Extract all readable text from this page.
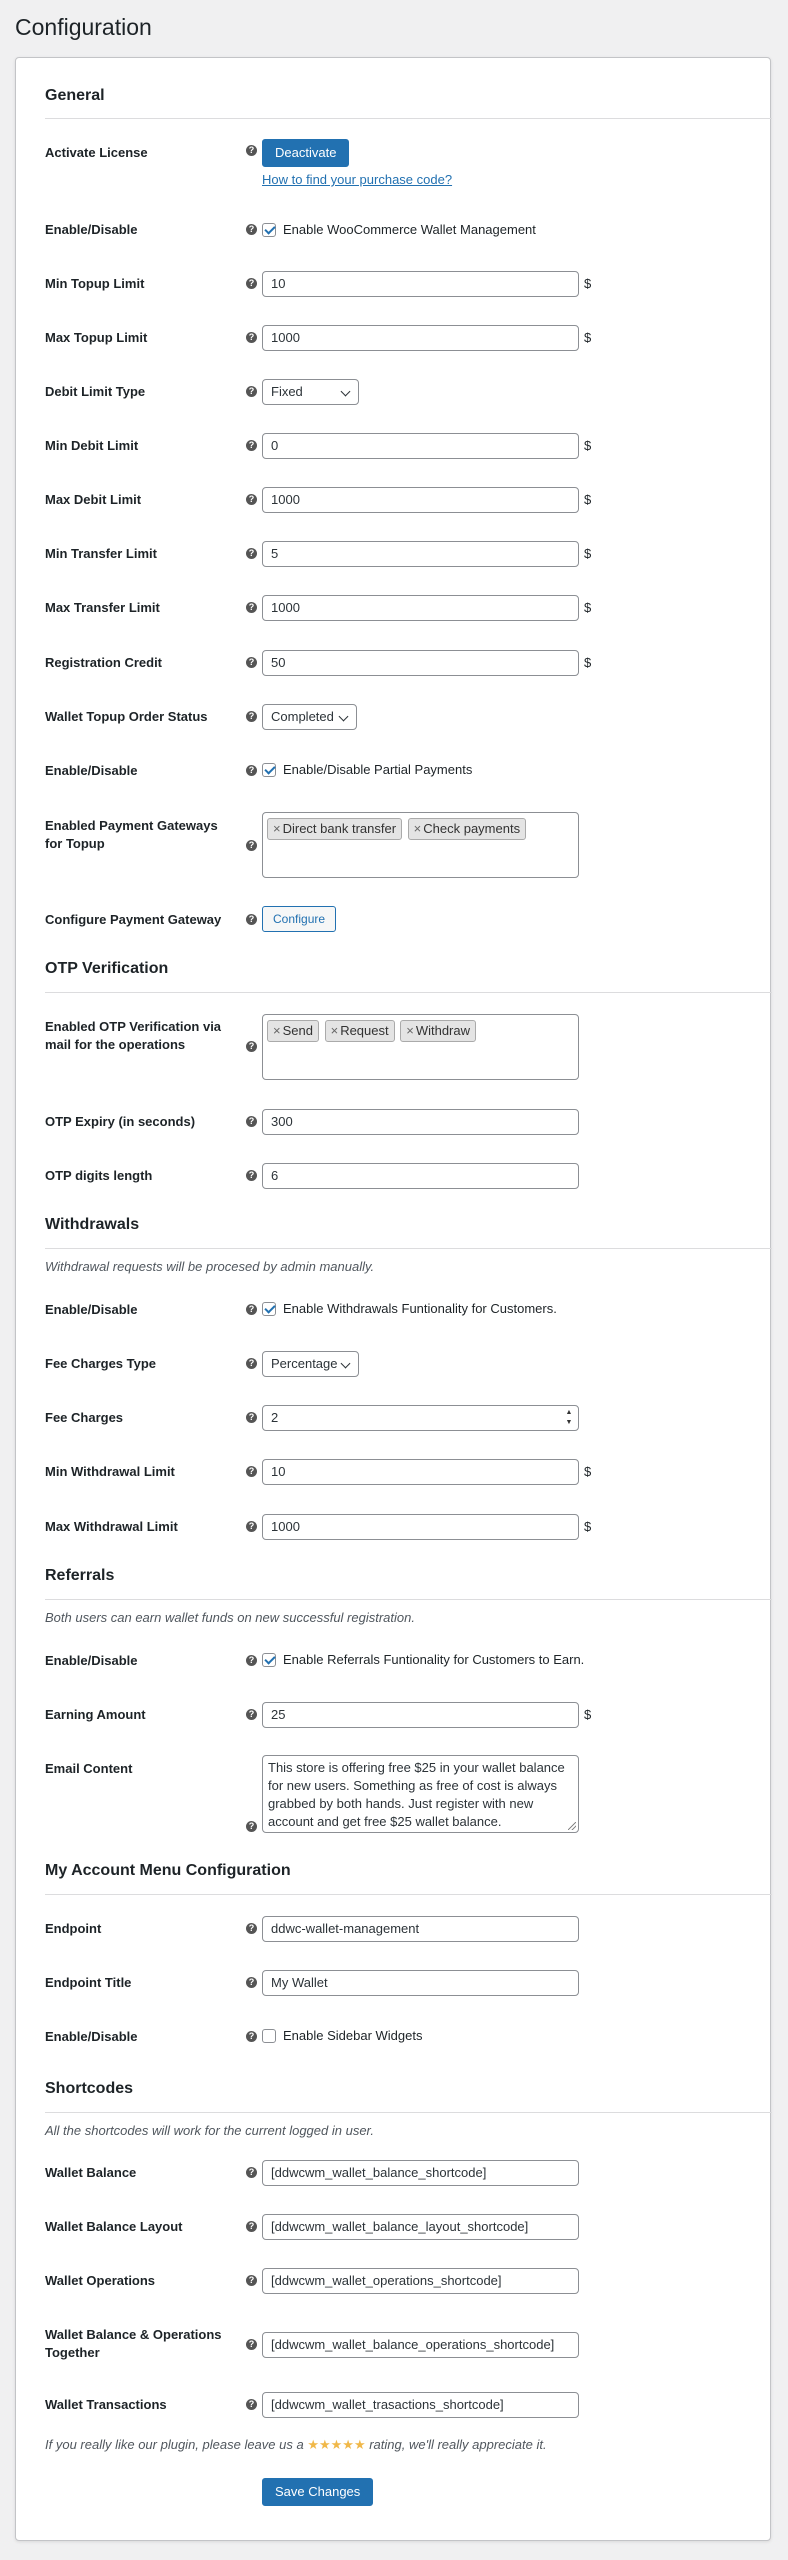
Configuration
General
Activate License	?	Deactivate
How to find your purchase code?
Enable/Disable	? Enable WooCommerce Wallet Management
Min Topup Limit	?	10	$
Max Topup Limit	?	1000	$
Debit Limit Type	?	Fixed
Min Debit Limit	?	0	$
Max Debit Limit	?	1000	$
Min Transfer Limit	?	5	$
Max Transfer Limit	?	1000	$
Registration Credit	?	50	$
Wallet Topup Order Status	?	Completed
Enable/Disable	? Enable/Disable Partial Payments
Enabled Payment Gateways for Topup	?
× Direct bank transfer × Check payments
Configure Payment Gateway	?	Configure
OTP Verification
Enabled OTP Verification via mail for the operations	?
× Send × Request × Withdraw
OTP Expiry (in seconds)	?	300
OTP digits length	?	6
Withdrawals
Withdrawal requests will be procesed by admin manually.
Enable/Disable	? Enable Withdrawals Funtionality for Customers.
Fee Charges Type	?	Percentage
Fee Charges	?	2	▲
▼
Min Withdrawal Limit	?	10	$
Max Withdrawal Limit	?	1000	$
Referrals
Both users can earn wallet funds on new successful registration.
Enable/Disable	? Enable Referrals Funtionality for Customers to Earn.
Earning Amount	?	25	$
Email Content
?
This store is offering free $25 in your wallet balance for new users. Something as free of cost is always grabbed by both hands. Just register with new account and get free $25 wallet balance.
My Account Menu Configuration
Endpoint	?	ddwc-wallet-management
Endpoint Title	?	My Wallet
Enable/Disable	? Enable Sidebar Widgets
Shortcodes
All the shortcodes will work for the current logged in user.
Wallet Balance	?	[ddwcwm_wallet_balance_shortcode]
Wallet Balance Layout	?	[ddwcwm_wallet_balance_layout_shortcode]
Wallet Operations	?	[ddwcwm_wallet_operations_shortcode]
Wallet Balance & Operations Together
?	[ddwcwm_wallet_balance_operations_shortcode]
Wallet Transactions	?	[ddwcwm_wallet_trasactions_shortcode]
If you really like our plugin, please leave us a ★★★★★ rating, we'll really appreciate it.
Save Changes
